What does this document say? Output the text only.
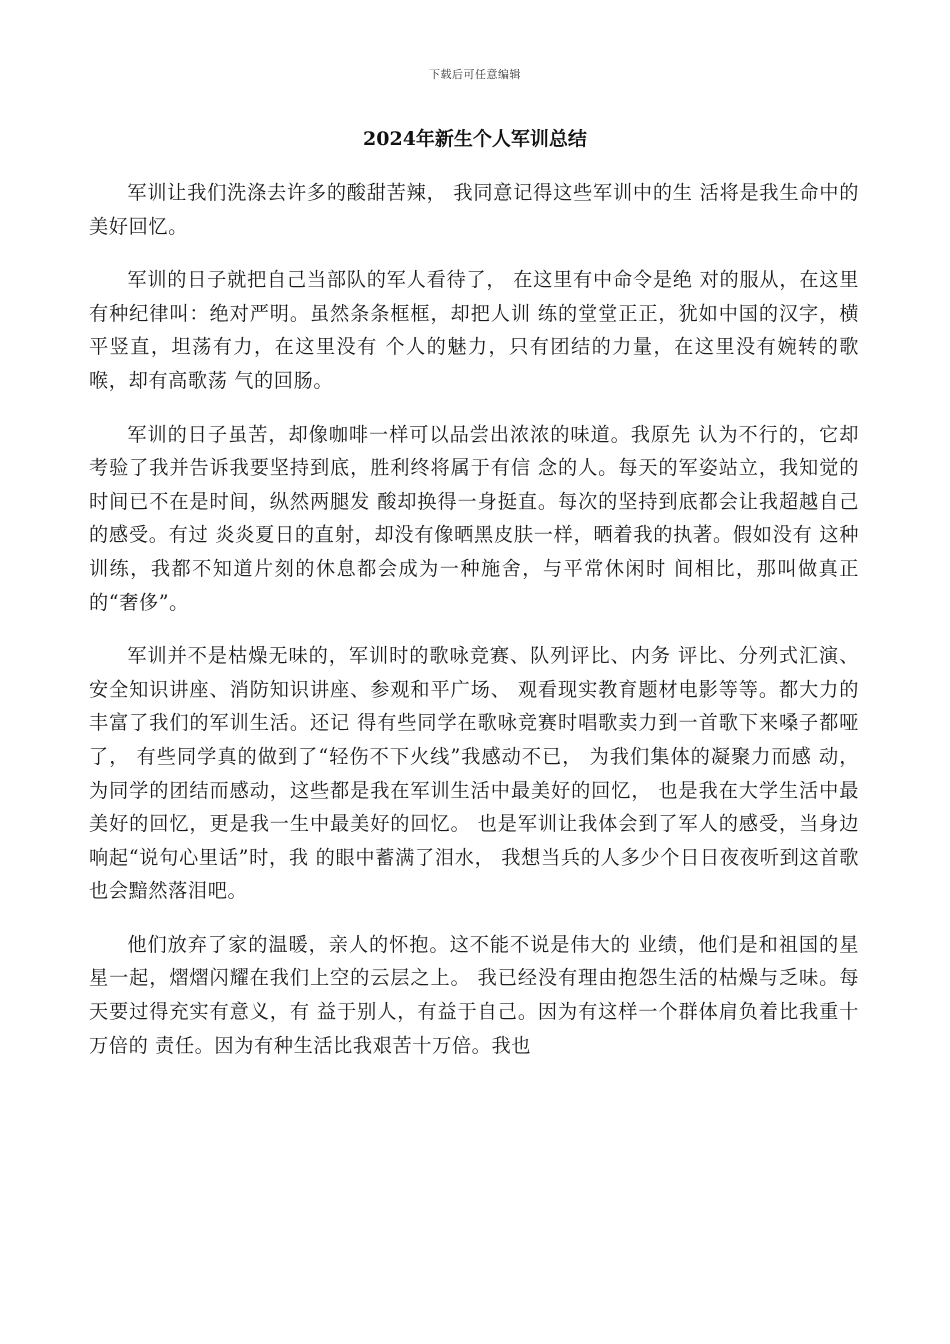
下载后可任意编辑
2024年新生个人军训总结

军训让我们洗涤去许多的酸甜苦辣， 我同意记得这些军训中的生 活将是我生命中的美好回忆。

军训的日子就把自己当部队的军人看待了， 在这里有中命令是绝 对的服从，在这里有种纪律叫：绝对严明。虽然条条框框，却把人训 练的堂堂正正，犹如中国的汉字，横平竖直，坦荡有力，在这里没有 个人的魅力，只有团结的力量，在这里没有婉转的歌喉，却有高歌荡 气的回肠。

军训的日子虽苦，却像咖啡一样可以品尝出浓浓的味道。我原先 认为不行的，它却考验了我并告诉我要坚持到底，胜利终将属于有信 念的人。每天的军姿站立，我知觉的时间已不在是时间，纵然两腿发 酸却换得一身挺直。每次的坚持到底都会让我超越自己的感受。有过 炎炎夏日的直射，却没有像晒黑皮肤一样，晒着我的执著。假如没有 这种训练，我都不知道片刻的休息都会成为一种施舍，与平常休闲时 间相比，那叫做真正的“奢侈”。

军训并不是枯燥无味的，军训时的歌咏竞赛、队列评比、内务 评比、分列式汇演、安全知识讲座、消防知识讲座、参观和平广场、 观看现实教育题材电影等等。都大力的丰富了我们的军训生活。还记 得有些同学在歌咏竞赛时唱歌卖力到一首歌下来嗓子都哑了， 有些同学真的做到了“轻伤不下火线”我感动不已， 为我们集体的凝聚力而感 动，为同学的团结而感动，这些都是我在军训生活中最美好的回忆， 也是我在大学生活中最美好的回忆，更是我一生中最美好的回忆。 也是军训让我体会到了军人的感受，当身边响起“说句心里话”时，我 的眼中蓄满了泪水， 我想当兵的人多少个日日夜夜听到这首歌也会黯然落泪吧。

他们放弃了家的温暖，亲人的怀抱。这不能不说是伟大的 业绩，他们是和祖国的星星一起，熠熠闪耀在我们上空的云层之上。 我已经没有理由抱怨生活的枯燥与乏味。每天要过得充实有意义，有 益于别人，有益于自己。因为有这样一个群体肩负着比我重十万倍的 责任。因为有种生活比我艰苦十万倍。我也
